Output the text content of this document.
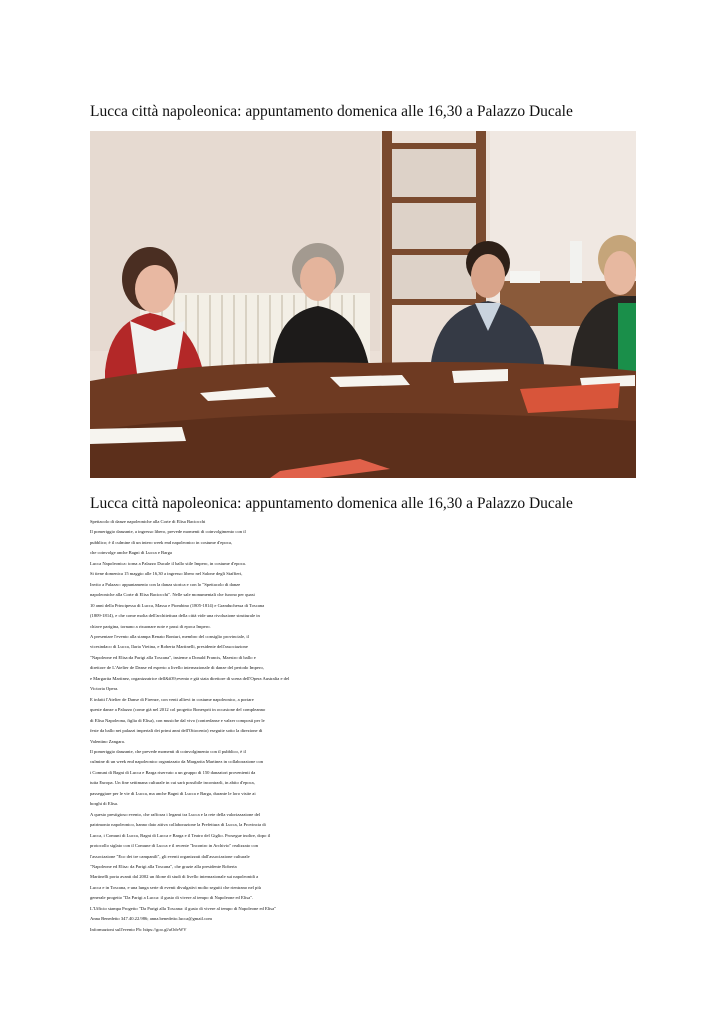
Lucca città napoleonica: appuntamento domenica alle 16,30 a Palazzo Ducale
Lucca città napoleonica: appuntamento domenica alle 16,30 a Palazzo Ducale
Spettacolo di danze napoleoniche alla Corte di Elisa Baciocchi
Il pomeriggio danzante, a ingresso libero, prevede momenti di coinvolgimento con il
pubblico; è il culmine di un intero week end napoleonico in costume d'epoca,
che coinvolge anche Bagni di Lucca e Barga
Lucca Napoleonica: torna a Palazzo Ducale il ballo stile Impero, in costume d'epoca.
Si tiene domenica 15 maggio alle 16,30 a ingresso libero nel Salone degli Staffieri,
Invito a Palazzo: appuntamento con la danza storica e con lo "Spettacolo di danze
napoleoniche alla Corte di Elisa Baciocchi". Nelle sale monumentali che furono per quasi
10 anni della Principessa di Lucca, Massa e Piombino (1805-1814) e Granduchessa di Toscana
(1809-1814), e che come molta dell'architettura della città vide una rivoluzione strutturale in
chiave parigina, tornano a risuonare note e passi di epoca Impero.
A presentare l'evento alla stampa Renato Bonturi, membro del consiglio provinciale, il
vicesindaco di Lucca, Ilaria Vietina, e Roberta Martinelli, presidente dell'associazione
"Napoleone ed Elisa:da Parigi alla Toscana", insieme a Donald Francis, Maestro di ballo e
direttore de L'Atelier de Danse ed esperto a livello internazionale di danze del periodo Impero,
e Margarita Martinez, organizzatrice dell&#39;evento e già stata direttore di scena dell'Opera Australia e del
Victoria Opera.
E infatti l'Atelier de Danse di Firenze, con venti allievi in costume napoleonico, a portare
queste danze a Palazzo (come già nel 2012 col progetto Bonesprit in occasione del compleanno
di Elisa Napoleona, figlia di Elisa), con musiche dal vivo (contredanse e valzer composti per le
feste da ballo nei palazzi imperiali dei primi anni dell'Ottocento) eseguite sotto la direzione di
Valentino Zangara.
Il pomeriggio danzante, che prevede momenti di coinvolgimento con il pubblico, è il
culmine di un week end napoleonico organizzato da Margarita Martinez in collaborazione con
i Comuni di Bagni di Lucca e Barga riservato a un gruppo di 150 danzatori provenienti da
tutta Europa. Un fine settimana culturale in cui sarà possibile incontrarli, in abito d'epoca,
passeggiare per le vie di Lucca, ma anche Bagni di Lucca e Barga, durante le loro visite ai
borghi di Elisa.
A questo prestigioso evento, che rafforza i legami tra Lucca e la rete della valorizzazione del
patrimonio napoleonico, hanno dato attiva collaborazione la Prefettura di Lucca, la Provincia di
Lucca, i Comuni di Lucca, Bagni di Lucca e Barga e il Teatro del Giglio. Prosegue inoltre, dopo il
protocollo siglato con il Comune di Lucca e il recente "Incontro in Archivio" realizzato con
l'associazione "Eco dei tre campanili", gli eventi organizzati dall'associazione culturale
"Napoleone ed Elisa: da Parigi alla Toscana", che grazie alla presidente Roberta
Martinelli porta avanti dal 2002 un filone di studi di livello internazionale sui napoleonidi a
Lucca e in Toscana, e una lunga serie di eventi divulgativi molto seguiti che rientrano nel più
generale progetto "Da Parigi a Lucca: il gusto di vivere al tempo di Napoleone ed Elisa".
L'Ufficio stampa Progetto "Da Parigi alla Toscana: il gusto di vivere al tempo di Napoleone ed Elisa"
Anna Benedetto 347.40.22.986; anna.benedetto.lucca@gmail.com
Informazioni sull'evento Fb: https://goo.gl/aOdvWV
